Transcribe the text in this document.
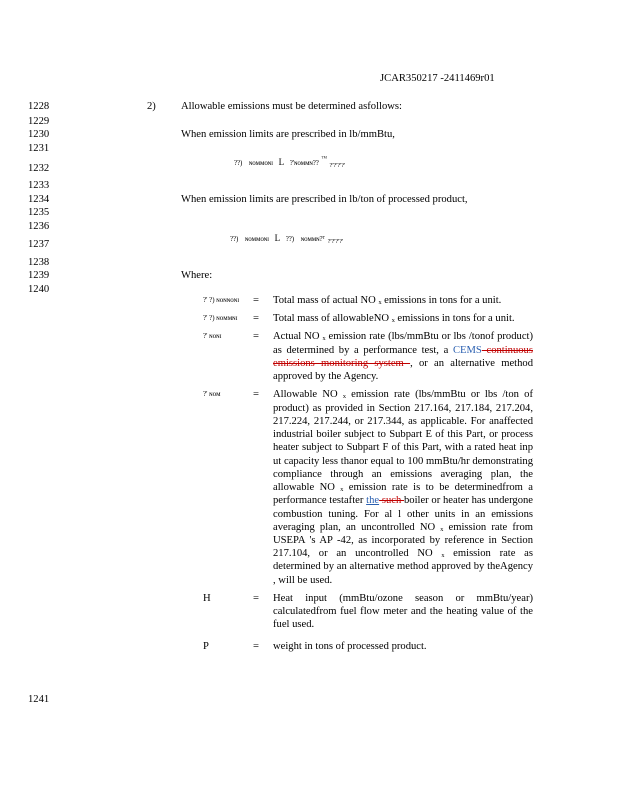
JCAR350217 -2411469r01
1228
1229
1230
1231
1232
1233
1234
1235
1236
1237
1238
1239
1240
1241
2) Allowable emissions must be determined asfollows:
When emission limits are prescribed in lb/mmBtu,
??) ɴᴏᴍᴍᴏɴɪ L ?'ɴᴏᴍᴍɴ?? $^{ᵀᴹ}$ ?'?'?'?'
When emission limits are prescribed in lb/ton of processed product,
??) ɴᴏᴍᴍᴏɴɪ L ??) ɴᴏᴍᴍɴ?ᵀ ?'?'?'?'
Where:
?' ?) ɴᴏɴɴᴏɴɪ	=	Total mass of actual NO ₓ emissions in tons for a unit.
?' ?) ɴᴏᴍᴍɴɪ	=	Total mass of allowableNO ₓ emissions in tons for a unit.
?' ɴᴏɴɪ	=	Actual NO ₓ emission rate (lbs/mmBtu or lbs /tonof product) as determined by a performance test, a CEMS continuous emissions monitoring system , or an alternative method approved by the Agency.
?' ɴᴏᴍ	=	Allowable NO ₓ emission rate (lbs/mmBtu or lbs /ton of product) as provided in Section 217.164, 217.184, 217.204, 217.224, 217.244, or 217.344, as applicable. For anaffected industrial boiler subject to Subpart E of this Part, or process heater subject to Subpart F of this Part, with a rated heat inp ut capacity less thanor equal to 100 mmBtu/hr demonstrating compliance through an emissions averaging plan, the allowable NO ₓ emission rate is to be determinedfrom a performance testafter the such boiler or heater has undergone combustion tuning. For al l other units in an emissions averaging plan, an uncontrolled NO ₓ emission rate from USEPA 's AP -42, as incorporated by reference in Section 217.104, or an uncontrolled NO ₓ emission rate as determined by an alternative method approved by theAgency , will be used.
H	=	Heat input (mmBtu/ozone season or mmBtu/year) calculatedfrom fuel flow meter and the heating value of the fuel used.
P	=	weight in tons of processed product.
